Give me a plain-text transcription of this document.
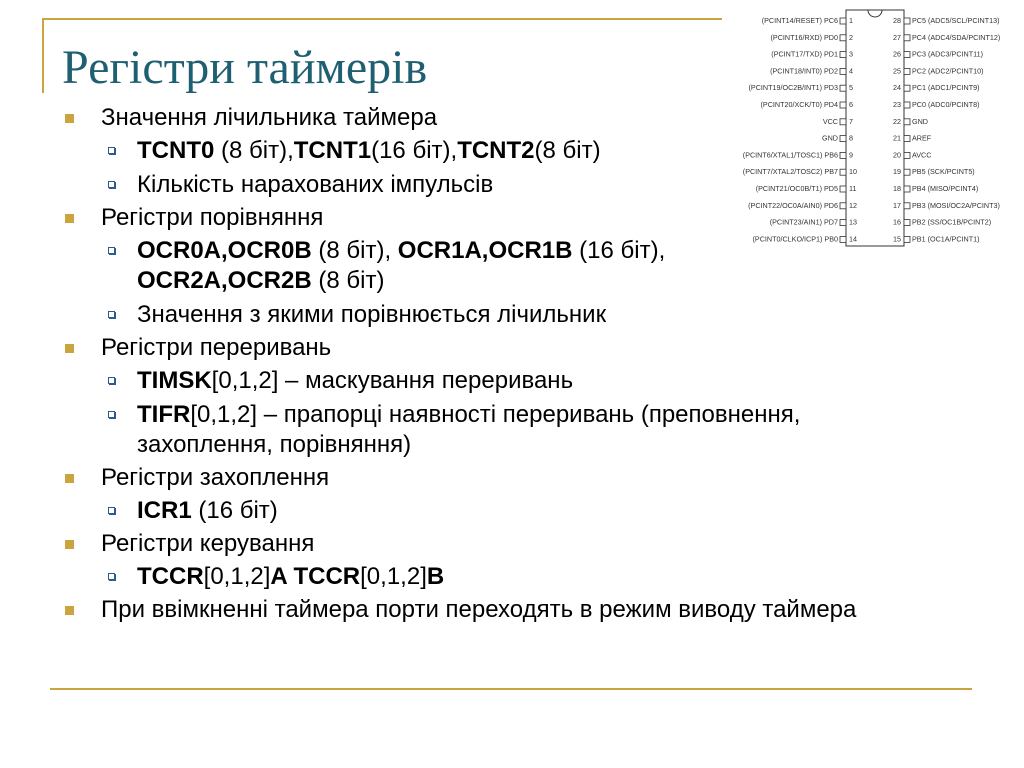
Регістри таймерів
(PCINT14/RESET) PC6 1
(PCINT16/RXD) PD0 2
(PCINT17/TXD) PD1 3
(PCINT18/INT0) PD2 4
(PCINT19/OC2B/INT1) PD3 5
(PCINT20/XCK/T0) PD4 6
VCC 7
GND 8
(PCINT6/XTAL1/TOSC1) PB6 9
(PCINT7/XTAL2/TOSC2) PB7 10
(PCINT21/OC0B/T1) PD5 11
(PCINT22/OC0A/AIN0) PD6 12
(PCINT23/AIN1) PD7 13
(PCINT0/CLKO/ICP1) PB0 14
28 PC5 (ADC5/SCL/PCINT13)
27 PC4 (ADC4/SDA/PCINT12)
26 PC3 (ADC3/PCINT11)
25 PC2 (ADC2/PCINT10)
24 PC1 (ADC1/PCINT9)
23 PC0 (ADC0/PCINT8)
22 GND
21 AREF
20 AVCC
19 PB5 (SCK/PCINT5)
18 PB4 (MISO/PCINT4)
17 PB3 (MOSI/OC2A/PCINT3)
16 PB2 (SS/OC1B/PCINT2)
15 PB1 (OC1A/PCINT1)

Значення лічильника таймера

TCNT0 (8 біт),TCNT1(16 біт),TCNT2(8 біт)

Кількість нарахованих імпульсів

Регістри порівняння

OCR0A,OCR0B (8 біт), OCR1A,OCR1B (16 біт),
OCR2A,OCR2B (8 біт)

Значення з якими порівнюється лічильник

Регістри переривань

TIMSK[0,1,2] – маскування переривань

TIFR[0,1,2] – прапорці наявності переривань (преповнення,
захоплення, порівняння)

Регістри захоплення

ICR1 (16 біт)

Регістри керування

TCCR[0,1,2]A TCCR[0,1,2]B

При ввімкненні таймера порти переходять в режим виводу таймера
